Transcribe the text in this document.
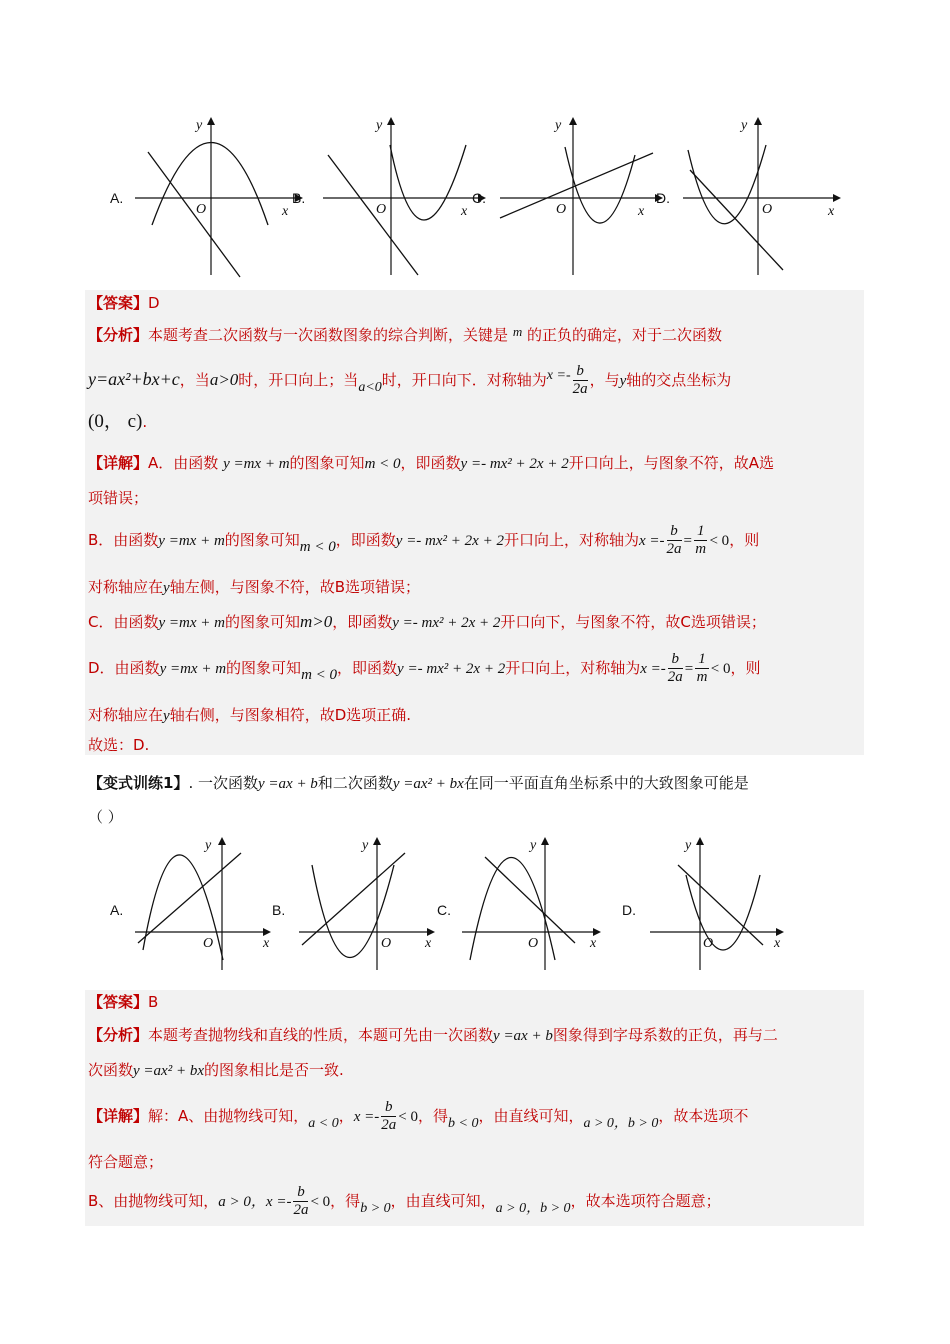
A.
y
x
O
B.
y
x
O
C.
y
x
O
D.
y
x
O
【答案】D
【分析】本题考查二次函数与一次函数图象的综合判断，关键是 m 的正负的确定，对于二次函数
y=ax²+bx+c，当a>0时，开口向上；当a<0时，开口向下．对称轴为$x =- \frac{b}{2a}$ ，与y轴的交点坐标为
(0， c).
【详解】A．由函数 y =mx + m的图象可知m < 0，即函数y =- mx² + 2x + 2开口向上，与图象不符，故A选
项错误；
B．由函数y =mx + m的图象可知m < 0，即函数y =- mx² + 2x + 2开口向上，对称轴为$x =- \frac{b}{2a} = \frac{1}{m} < 0$，则
对称轴应在y轴左侧，与图象不符，故B选项错误；
C．由函数y =mx + m的图象可知m>0，即函数y =- mx² + 2x + 2开口向下，与图象不符，故C选项错误；
D．由函数y =mx + m的图象可知m < 0，即函数y =- mx² + 2x + 2开口向上，对称轴为$x =- \frac{b}{2a} = \frac{1}{m} < 0$，则
对称轴应在y轴右侧，与图象相符，故D选项正确.
故选：D.
【变式训练1】. 一次函数y =ax + b和二次函数y =ax² + bx在同一平面直角坐标系中的大致图象可能是
（ ）
A.
y
x
O
B.
y
x
O
C.
y
x
O
D.
y
x
O
【答案】B
【分析】本题考查抛物线和直线的性质，本题可先由一次函数y =ax + b图象得到字母系数的正负，再与二
次函数y =ax² + bx的图象相比是否一致.
【详解】解：A、由抛物线可知，a < 0，$x =- \frac{b}{2a} < 0$，得b < 0，由直线可知，a > 0，b > 0，故本选项不
符合题意；
B、由抛物线可知，a > 0，$x =- \frac{b}{2a} < 0$，得b > 0，由直线可知，a > 0，b > 0，故本选项符合题意；
